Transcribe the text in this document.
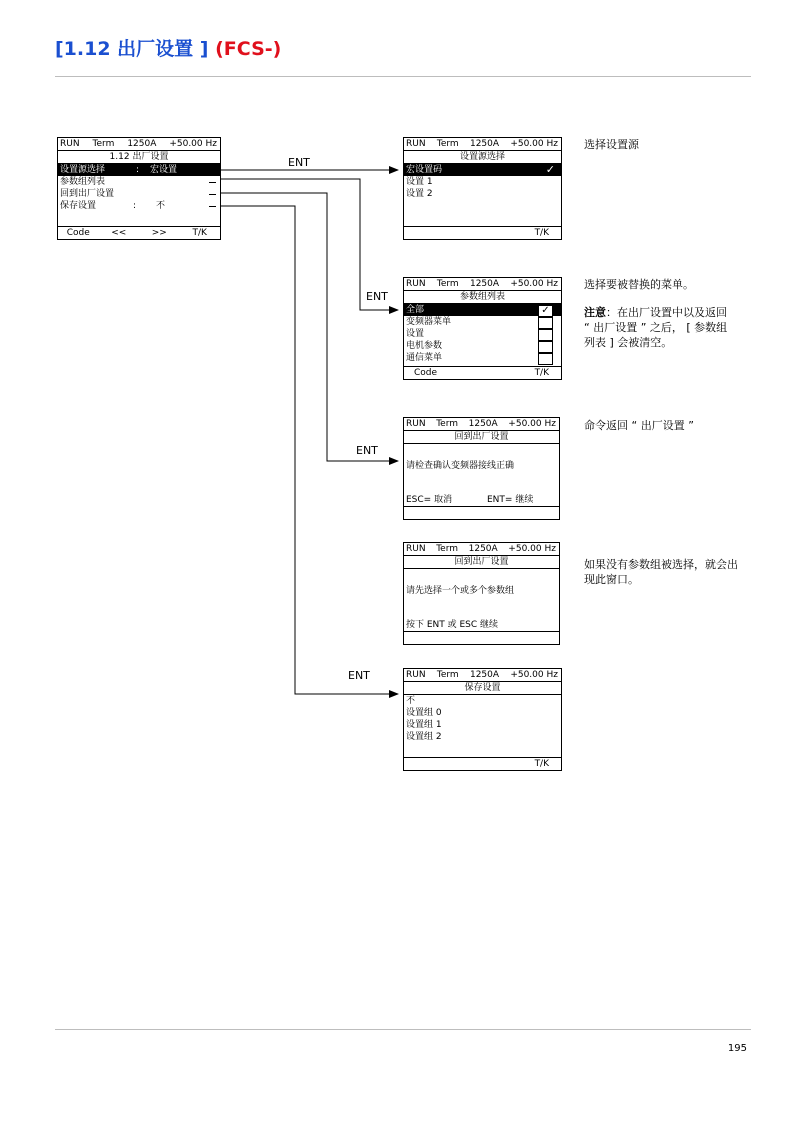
[1.12 出厂设置 ] (FCS-)
ENT
ENT
ENT
ENT
RUN Term 1250A +50.00 Hz
1.12 出厂设置
设置源选择	: 宏设置
参数组列表
回到出厂设置
保存设置	: 不
Code	<<	>>	T/K
RUN Term 1250A +50.00 Hz
设置源选择
宏设置码	✓
设置 1
设置 2
T/K
RUN Term 1250A +50.00 Hz
参数组列表
全部	✓
变频器菜单
设置
电机参数
通信菜单
Code	T/K
RUN Term 1250A +50.00 Hz
回到出厂设置
请检查确认变频器接线正确
ESC= 取消	ENT= 继续
RUN Term 1250A +50.00 Hz
回到出厂设置
请先选择一个或多个参数组
按下 ENT 或 ESC 继续
RUN Term 1250A +50.00 Hz
保存设置
不
设置组 0
设置组 1
设置组 2
T/K
选择设置源
选择要被替换的菜单。
注意：在出厂设置中以及返回
“ 出厂设置 ” 之后， [ 参数组
列表 ] 会被清空。
命令返回 “ 出厂设置 ”
如果没有参数组被选择，就会出
现此窗口。
195
